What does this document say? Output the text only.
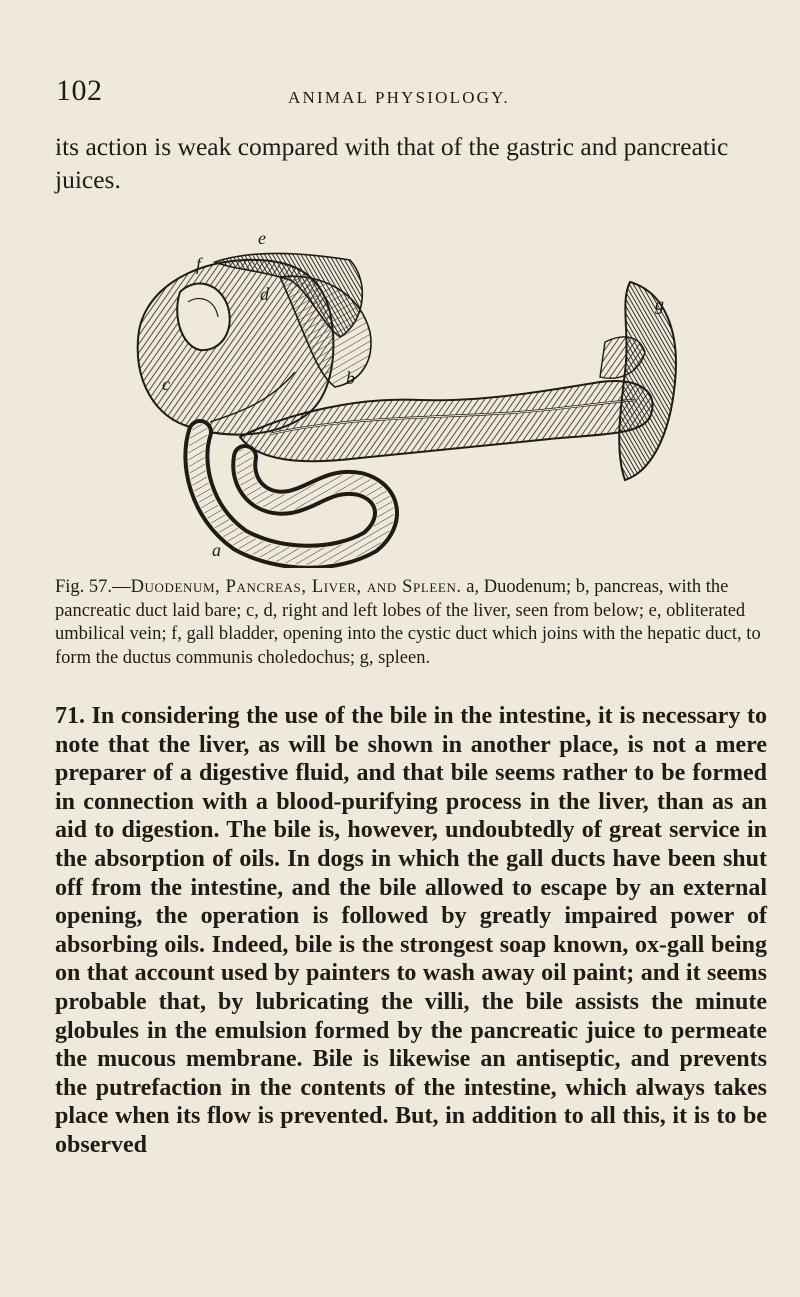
102	ANIMAL PHYSIOLOGY.
its action is weak compared with that of the gastric and pancreatic juices.
f
e
d
c	b
g
a
Fig. 57.—Duodenum, Pancreas, Liver, and Spleen. a, Duodenum; b, pancreas, with the pancreatic duct laid bare; c, d, right and left lobes of the liver, seen from below; e, obliterated umbilical vein; f, gall bladder, opening into the cystic duct which joins with the hepatic duct, to form the ductus communis choledochus; g, spleen.
71. In considering the use of the bile in the intestine, it is necessary to note that the liver, as will be shown in another place, is not a mere preparer of a digestive fluid, and that bile seems rather to be formed in connection with a blood-purifying process in the liver, than as an aid to digestion. The bile is, however, undoubtedly of great service in the absorption of oils. In dogs in which the gall ducts have been shut off from the intestine, and the bile allowed to escape by an external opening, the operation is followed by greatly impaired power of absorbing oils. Indeed, bile is the strongest soap known, ox-gall being on that account used by painters to wash away oil paint; and it seems probable that, by lubricating the villi, the bile assists the minute globules in the emulsion formed by the pancreatic juice to permeate the mucous membrane. Bile is likewise an antiseptic, and prevents the putrefaction in the contents of the intestine, which always takes place when its flow is prevented. But, in addition to all this, it is to be observed
